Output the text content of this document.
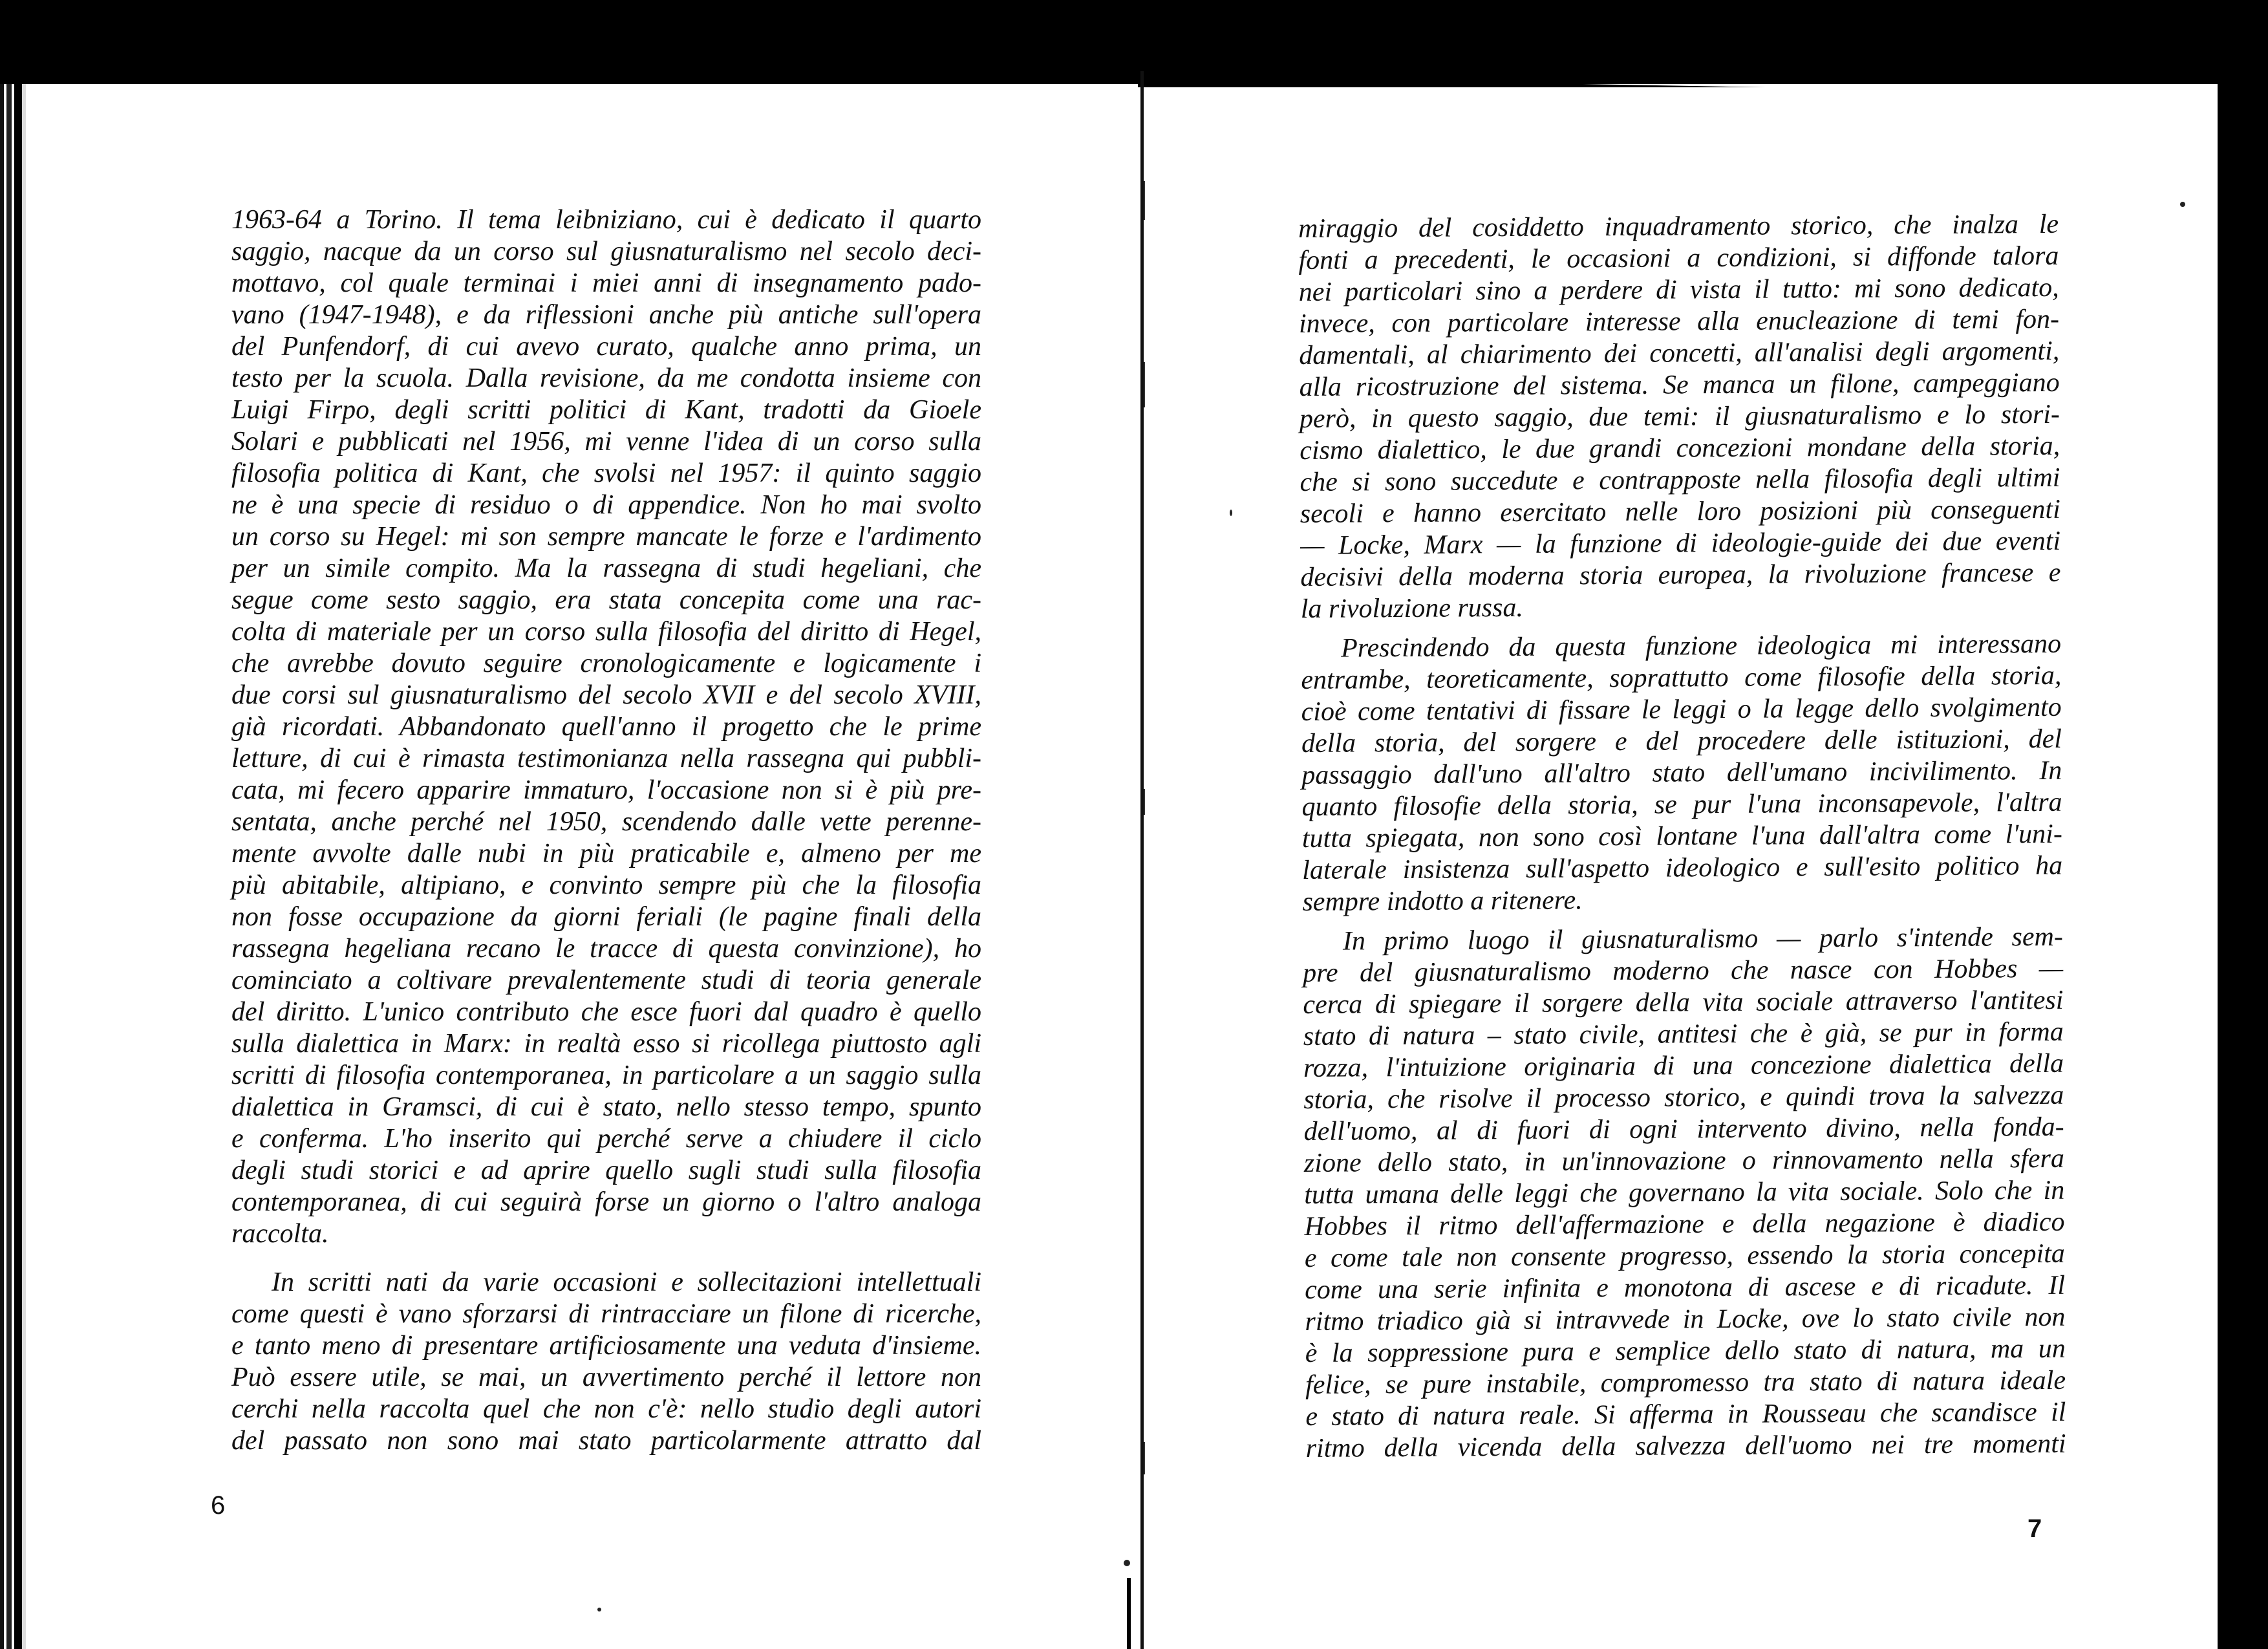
1963-64 a Torino. Il tema leibniziano, cui è dedicato il quarto
saggio, nacque da un corso sul giusnaturalismo nel secolo deci-
mottavo, col quale terminai i miei anni di insegnamento pado-
vano (1947-1948), e da riflessioni anche più antiche sull'opera
del Punfendorf, di cui avevo curato, qualche anno prima, un
testo per la scuola. Dalla revisione, da me condotta insieme con
Luigi Firpo, degli scritti politici di Kant, tradotti da Gioele
Solari e pubblicati nel 1956, mi venne l'idea di un corso sulla
filosofia politica di Kant, che svolsi nel 1957: il quinto saggio
ne è una specie di residuo o di appendice. Non ho mai svolto
un corso su Hegel: mi son sempre mancate le forze e l'ardimento
per un simile compito. Ma la rassegna di studi hegeliani, che
segue come sesto saggio, era stata concepita come una rac-
colta di materiale per un corso sulla filosofia del diritto di Hegel,
che avrebbe dovuto seguire cronologicamente e logicamente i
due corsi sul giusnaturalismo del secolo XVII e del secolo XVIII,
già ricordati. Abbandonato quell'anno il progetto che le prime
letture, di cui è rimasta testimonianza nella rassegna qui pubbli-
cata, mi fecero apparire immaturo, l'occasione non si è più pre-
sentata, anche perché nel 1950, scendendo dalle vette perenne-
mente avvolte dalle nubi in più praticabile e, almeno per me
più abitabile, altipiano, e convinto sempre più che la filosofia
non fosse occupazione da giorni feriali (le pagine finali della
rassegna hegeliana recano le tracce di questa convinzione), ho
cominciato a coltivare prevalentemente studi di teoria generale
del diritto. L'unico contributo che esce fuori dal quadro è quello
sulla dialettica in Marx: in realtà esso si ricollega piuttosto agli
scritti di filosofia contemporanea, in particolare a un saggio sulla
dialettica in Gramsci, di cui è stato, nello stesso tempo, spunto
e conferma. L'ho inserito qui perché serve a chiudere il ciclo
degli studi storici e ad aprire quello sugli studi sulla filosofia
contemporanea, di cui seguirà forse un giorno o l'altro analoga
raccolta.
In scritti nati da varie occasioni e sollecitazioni intellettuali
come questi è vano sforzarsi di rintracciare un filone di ricerche,
e tanto meno di presentare artificiosamente una veduta d'insieme.
Può essere utile, se mai, un avvertimento perché il lettore non
cerchi nella raccolta quel che non c'è: nello studio degli autori
del passato non sono mai stato particolarmente attratto dal
6
miraggio del cosiddetto inquadramento storico, che inalza le
fonti a precedenti, le occasioni a condizioni, si diffonde talora
nei particolari sino a perdere di vista il tutto: mi sono dedicato,
invece, con particolare interesse alla enucleazione di temi fon-
damentali, al chiarimento dei concetti, all'analisi degli argomenti,
alla ricostruzione del sistema. Se manca un filone, campeggiano
però, in questo saggio, due temi: il giusnaturalismo e lo stori-
cismo dialettico, le due grandi concezioni mondane della storia,
che si sono succedute e contrapposte nella filosofia degli ultimi
secoli e hanno esercitato nelle loro posizioni più conseguenti
— Locke, Marx — la funzione di ideologie-guide dei due eventi
decisivi della moderna storia europea, la rivoluzione francese e
la rivoluzione russa.
Prescindendo da questa funzione ideologica mi interessano
entrambe, teoreticamente, soprattutto come filosofie della storia,
cioè come tentativi di fissare le leggi o la legge dello svolgimento
della storia, del sorgere e del procedere delle istituzioni, del
passaggio dall'uno all'altro stato dell'umano incivilimento. In
quanto filosofie della storia, se pur l'una inconsapevole, l'altra
tutta spiegata, non sono così lontane l'una dall'altra come l'uni-
laterale insistenza sull'aspetto ideologico e sull'esito politico ha
sempre indotto a ritenere.
In primo luogo il giusnaturalismo — parlo s'intende sem-
pre del giusnaturalismo moderno che nasce con Hobbes —
cerca di spiegare il sorgere della vita sociale attraverso l'antitesi
stato di natura – stato civile, antitesi che è già, se pur in forma
rozza, l'intuizione originaria di una concezione dialettica della
storia, che risolve il processo storico, e quindi trova la salvezza
dell'uomo, al di fuori di ogni intervento divino, nella fonda-
zione dello stato, in un'innovazione o rinnovamento nella sfera
tutta umana delle leggi che governano la vita sociale. Solo che in
Hobbes il ritmo dell'affermazione e della negazione è diadico
e come tale non consente progresso, essendo la storia concepita
come una serie infinita e monotona di ascese e di ricadute. Il
ritmo triadico già si intravvede in Locke, ove lo stato civile non
è la soppressione pura e semplice dello stato di natura, ma un
felice, se pure instabile, compromesso tra stato di natura ideale
e stato di natura reale. Si afferma in Rousseau che scandisce il
ritmo della vicenda della salvezza dell'uomo nei tre momenti
7
